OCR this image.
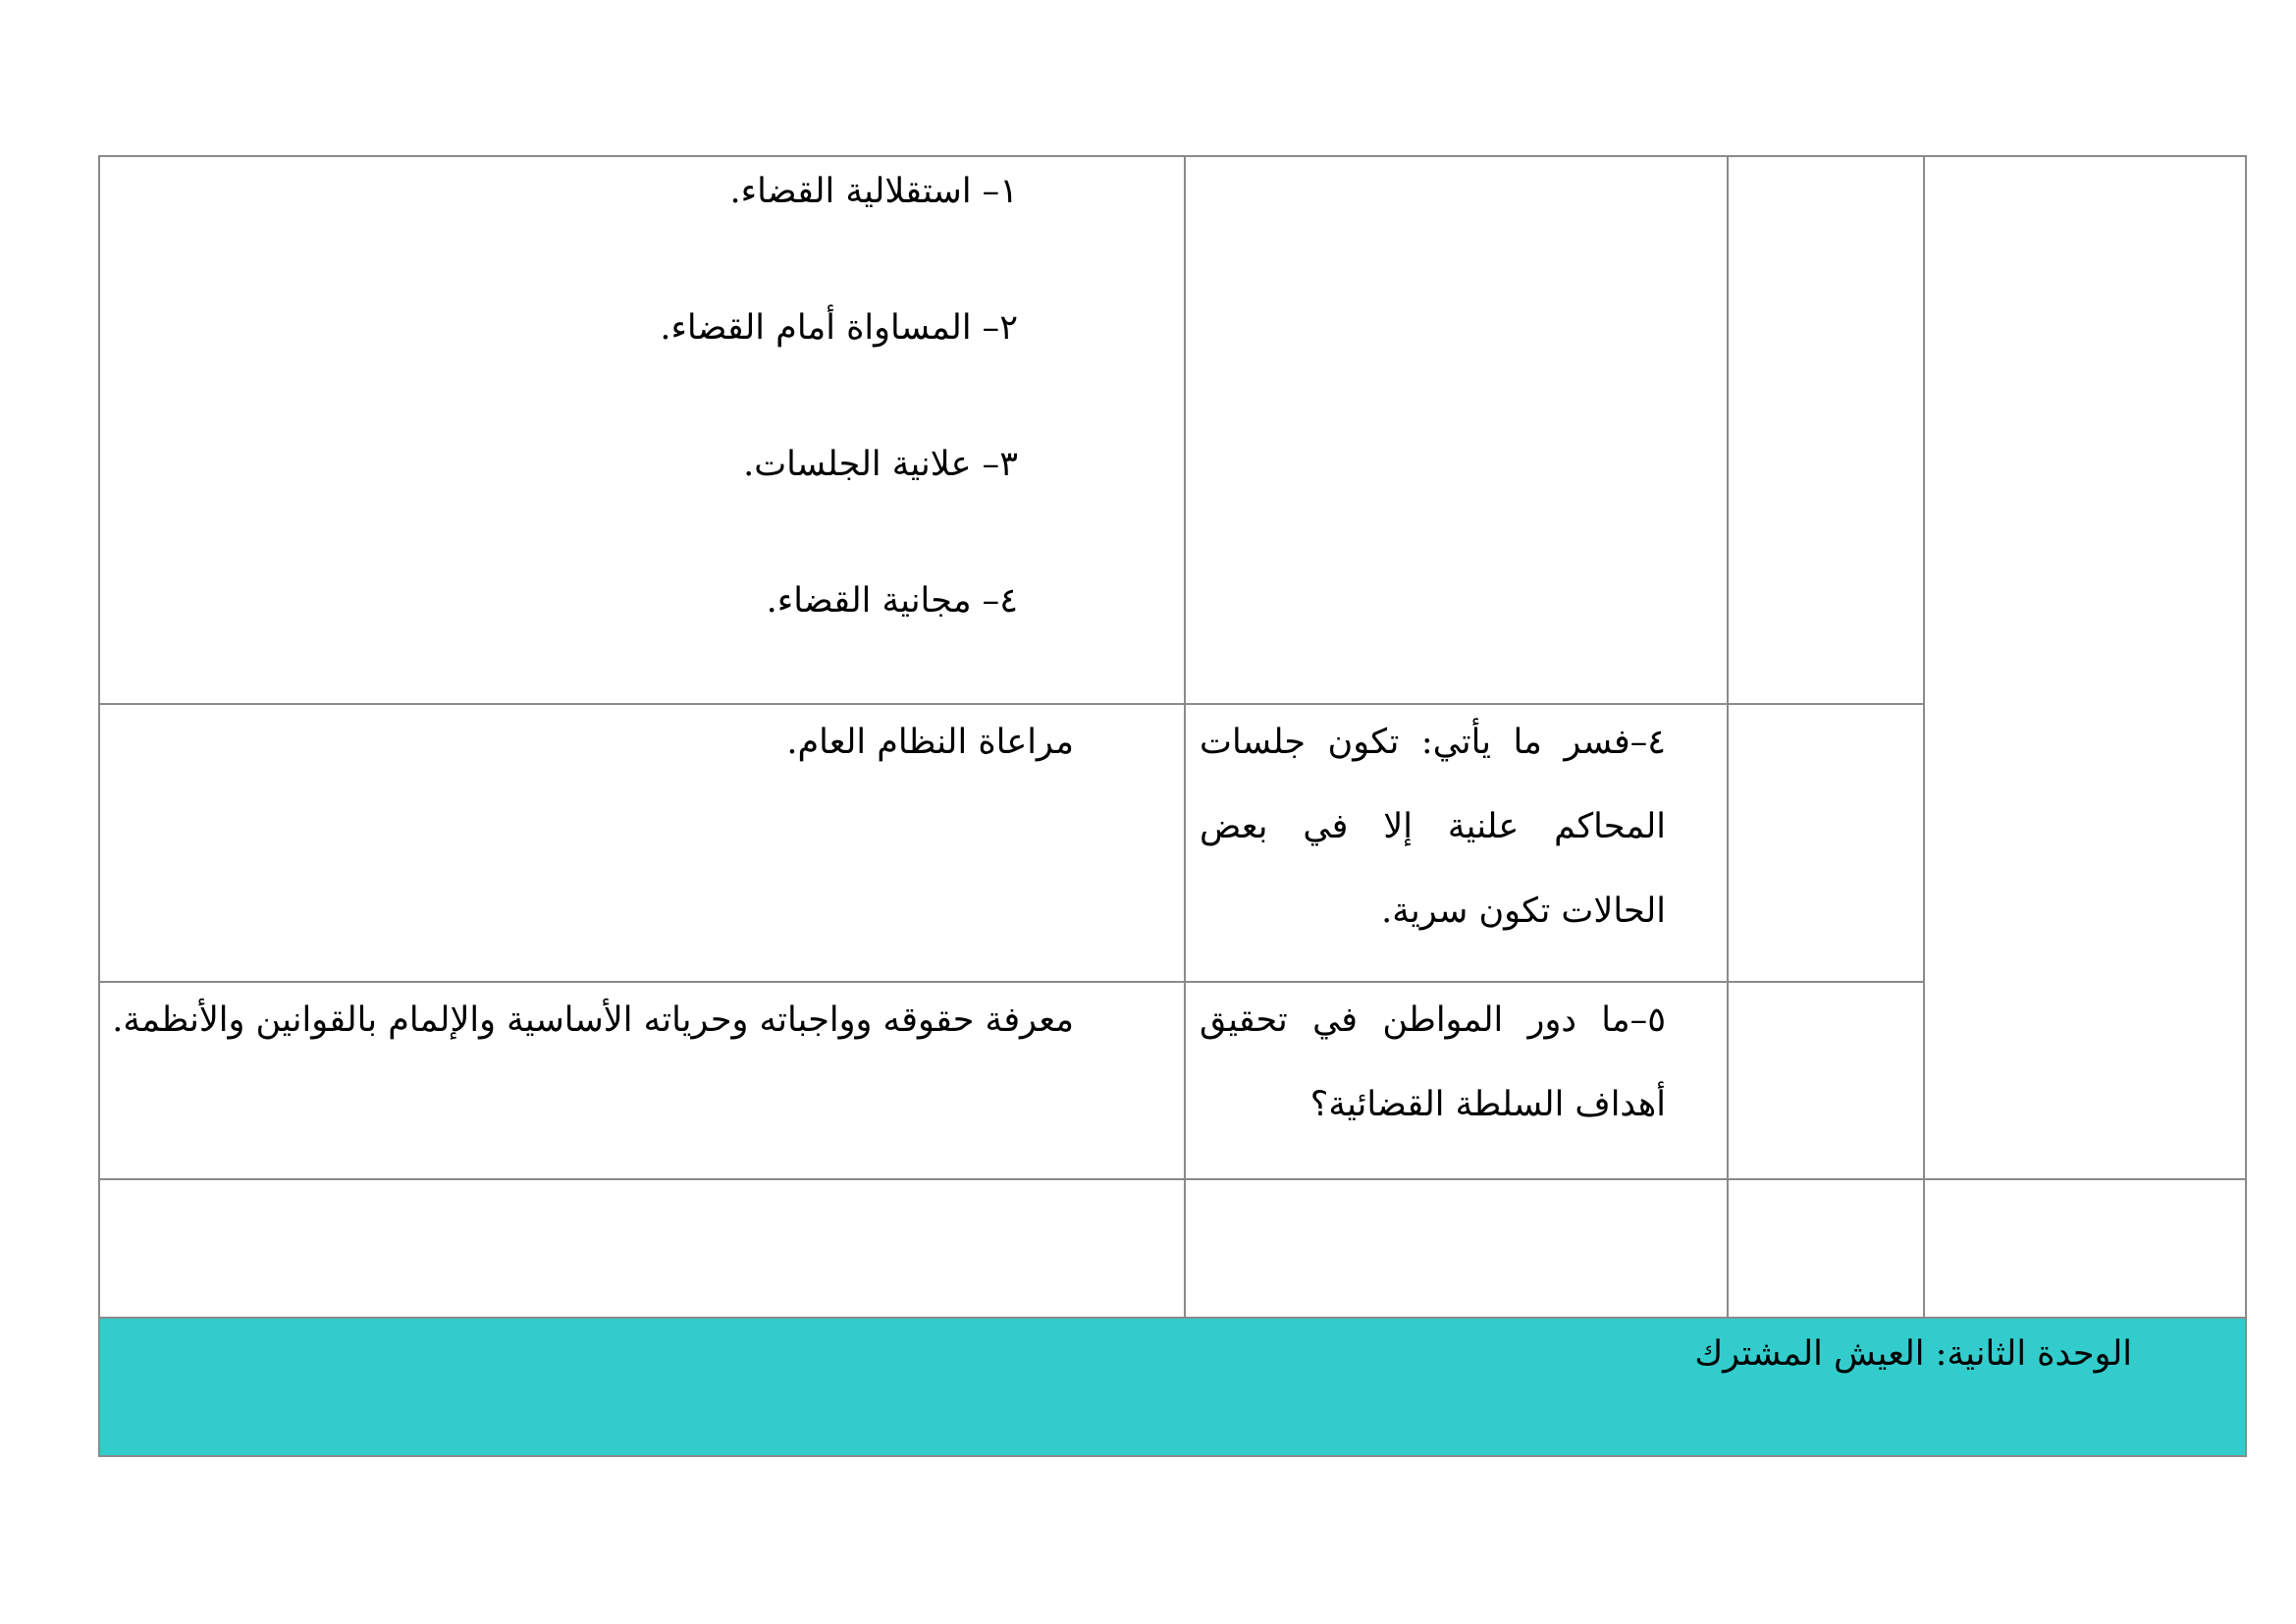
١– استقلالية القضاء.
٢– المساواة أمام القضاء.
٣– علانية الجلسات.
٤– مجانية القضاء.
٤–فسر ما يأتي: تكون جلسات المحاكم علنية إلا في بعض الحالات تكون سرية.
مراعاة النظام العام.
٥–ما دور المواطن في تحقيق أهداف السلطة القضائية؟
معرفة حقوقه وواجباته وحرياته الأساسية والإلمام بالقوانين والأنظمة.
الوحدة الثانية: العيش المشترك
